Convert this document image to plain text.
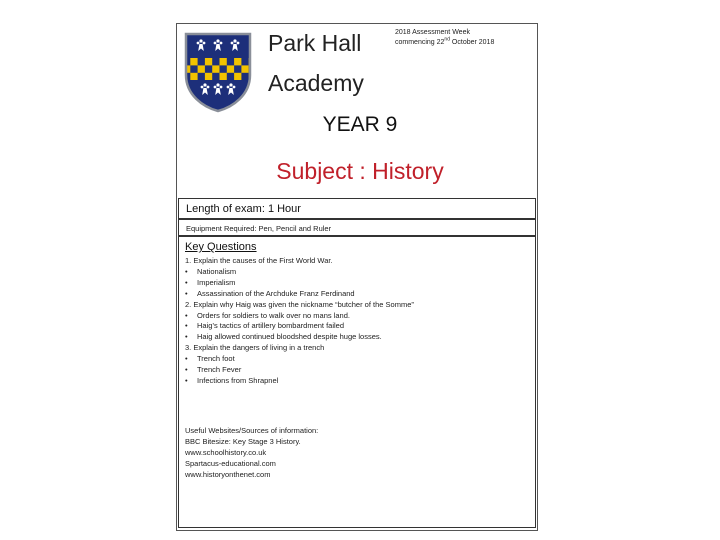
Park Hall
Academy
2018 Assessment Week
commencing 22nd October 2018
YEAR 9
Subject : History
Length of exam: 1 Hour
Equipment Required: Pen, Pencil and Ruler
Key Questions
1. Explain the causes of the First World War.
• Nationalism
• Imperialism
• Assassination of the Archduke Franz Ferdinand
2. Explain why Haig was given the nickname “butcher of the Somme”
• Orders for soldiers to walk over no mans land.
• Haig’s tactics of artillery bombardment failed
• Haig allowed continued bloodshed despite huge losses.
3. Explain the dangers of living in a trench
• Trench foot
• Trench Fever
• Infections from Shrapnel
Useful Websites/Sources of information:
BBC Bitesize: Key Stage 3 History.
www.schoolhistory.co.uk
Spartacus-educational.com
www.historyonthenet.com
